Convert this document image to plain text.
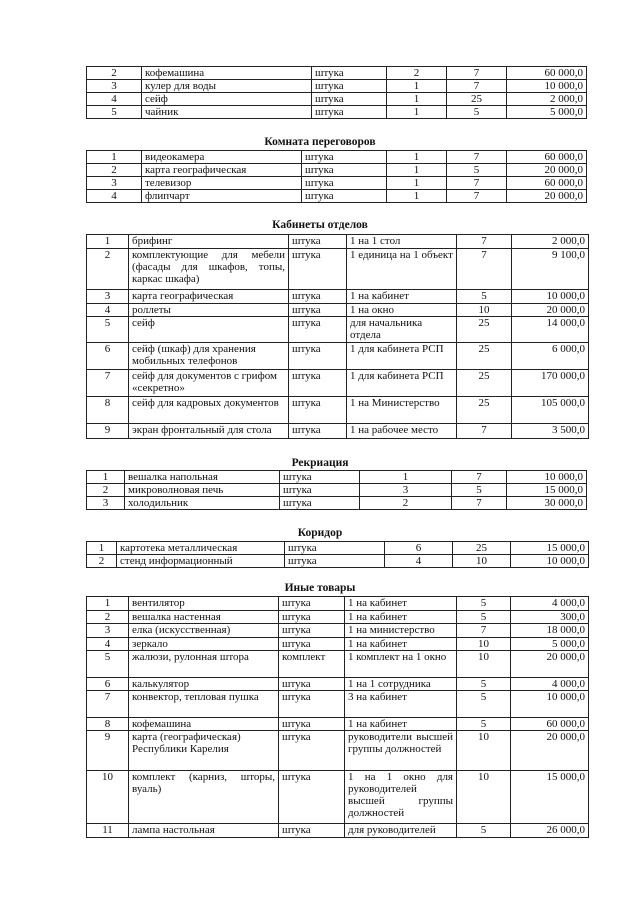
2	кофемашина	штука	2	7	60 000,0
3	кулер для воды	штука	1	7	10 000,0
4	сейф	штука	1	25	2 000,0
5	чайник	штука	1	5	5 000,0
Комната переговоров
1	видеокамера	штука	1	7	60 000,0
2	карта географическая	штука	1	5	20 000,0
3	телевизор	штука	1	7	60 000,0
4	флипчарт	штука	1	7	20 000,0
Кабинеты отделов
1	брифинг	штука	1 на 1 стол	7	2 000,0
2	комплектующие для мебели (фасады для шкафов, топы, каркас шкафа)	штука	1 единица на 1 объект	7	9 100,0
3	карта географическая	штука	1 на кабинет	5	10 000,0
4	роллеты	штука	1 на окно	10	20 000,0
5	сейф	штука	для начальника отдела	25	14 000,0
6	сейф (шкаф) для хранения мобильных телефонов	штука	1 для кабинета РСП	25	6 000,0
7	сейф для документов с грифом «секретно»	штука	1 для кабинета РСП	25	170 000,0
8	сейф для кадровых документов	штука	1 на Министерство	25	105 000,0
9	экран фронтальный для стола	штука	1 на рабочее место	7	3 500,0
Рекриация
1	вешалка напольная	штука	1	7	10 000,0
2	микроволновая печь	штука	3	5	15 000,0
3	холодильник	штука	2	7	30 000,0
Коридор
1	картотека металлическая	штука	6	25	15 000,0
2	стенд информационный	штука	4	10	10 000,0
Иные товары
1	вентилятор	штука	1 на кабинет	5	4 000,0
2	вешалка настенная	штука	1 на кабинет	5	300,0
3	елка (искусственная)	штука	1 на министерство	7	18 000,0
4	зеркало	штука	1 на кабинет	10	5 000,0
5	жалюзи, рулонная штора	комплект	1 комплект на 1 окно	10	20 000,0
6	калькулятор	штука	1 на 1 сотрудника	5	4 000,0
7	конвектор, тепловая пушка	штука	3 на кабинет	5	10 000,0
8	кофемашина	штука	1 на кабинет	5	60 000,0
9	карта (географическая) Республики Карелия	штука	руководители высшей группы должностей	10	20 000,0
10	комплект (карниз, шторы, вуаль)	штука	1 на 1 окно для руководителей высшей группы должностей	10	15 000,0
11	лампа настольная	штука	для руководителей	5	26 000,0
